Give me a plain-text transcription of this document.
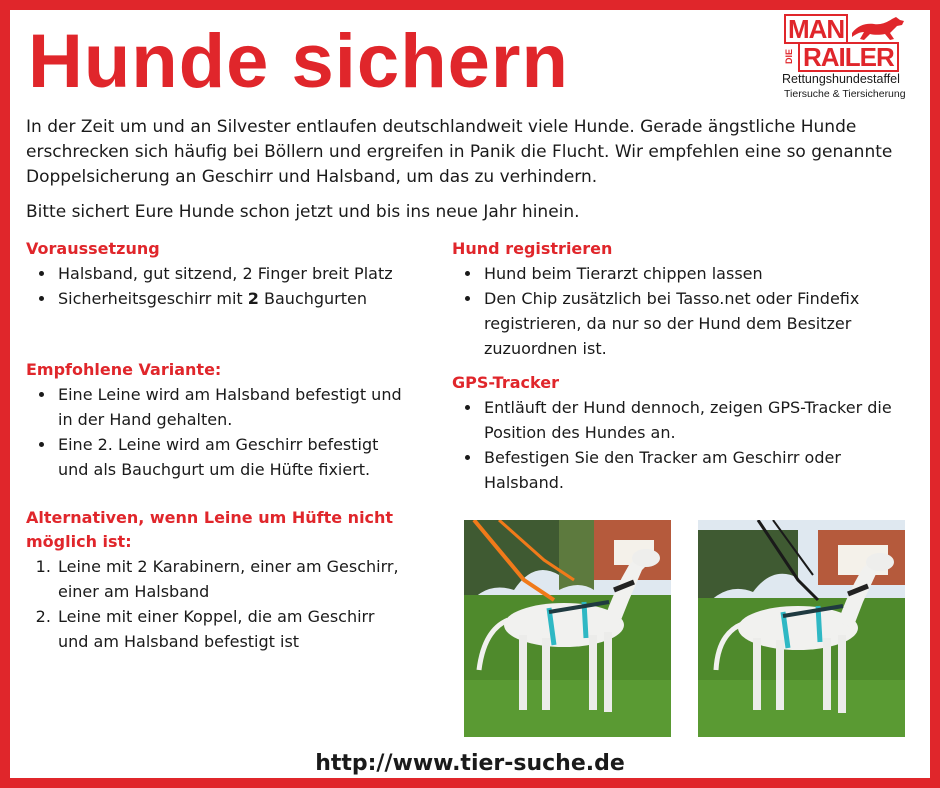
Hunde sichern	MAN
DIE RAILER
Rettungshundestaffel
Tiersuche & Tiersicherung

In der Zeit um und an Silvester entlaufen deutschlandweit viele Hunde. Gerade ängstliche Hunde erschrecken sich häufig bei Böllern und ergreifen in Panik die Flucht. Wir empfehlen eine so genannte Doppelsicherung an Geschirr und Halsband, um das zu verhindern.

Bitte sichert Eure Hunde schon jetzt und bis ins neue Jahr hinein.

Voraussetzung

• Halsband, gut sitzend, 2 Finger breit Platz
• Sicherheitsgeschirr mit 2 Bauchgurten

Empfohlene Variante:

• Eine Leine wird am Halsband befestigt und in der Hand gehalten.
• Eine 2. Leine wird am Geschirr befestigt und als Bauchgurt um die Hüfte fixiert.

Alternativen, wenn Leine um Hüfte nicht möglich ist:

1. Leine mit 2 Karabinern, einer am Geschirr, einer am Halsband
2. Leine mit einer Koppel, die am Geschirr und am Halsband befestigt ist

Hund registrieren

• Hund beim Tierarzt chippen lassen
• Den Chip zusätzlich bei Tasso.net oder Findefix registrieren, da nur so der Hund dem Besitzer zuzuordnen ist.

GPS-Tracker

• Entläuft der Hund dennoch, zeigen GPS-Tracker die Position des Hundes an.
• Befestigen Sie den Tracker am Geschirr oder Halsband.

http://www.tier-suche.de
